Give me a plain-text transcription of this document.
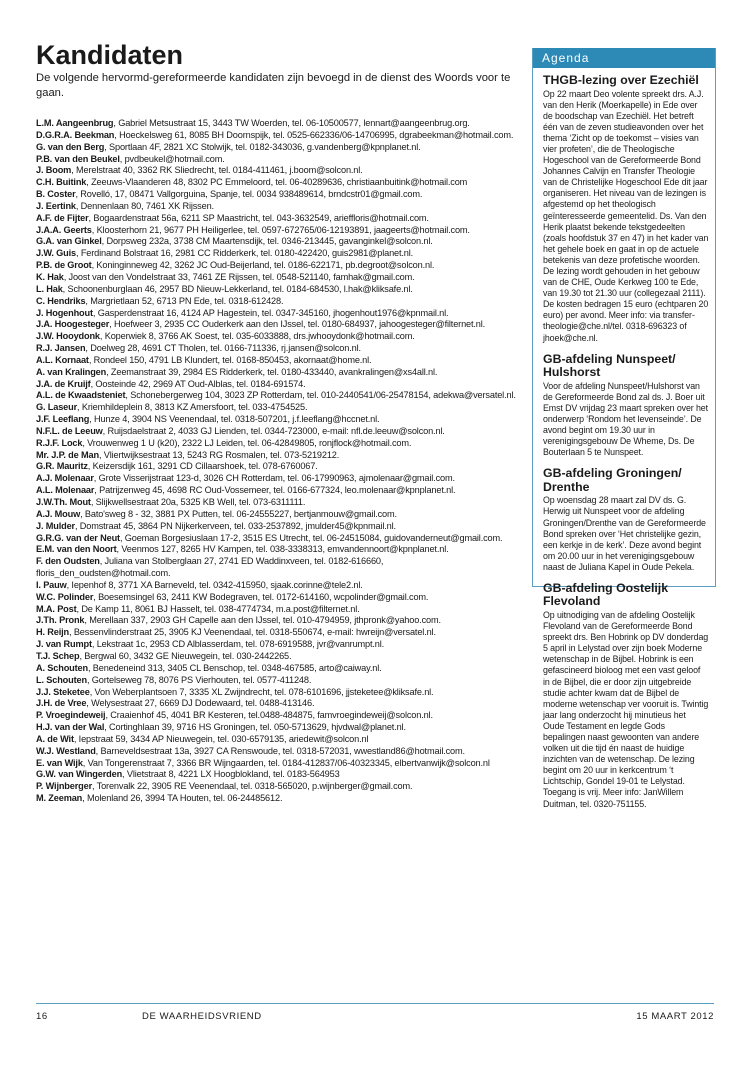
Kandidaten

De volgende hervormd-gereformeerde kandidaten zijn bevoegd in de dienst des Woords voor te gaan.

L.M. Aangeenbrug, Gabriel Metsustraat 15, 3443 TW Woerden, tel. 06-10500577, lennart@aangeenbrug.org.
D.G.R.A. Beekman, Hoeckelsweg 61, 8085 BH Doornspijk, tel. 0525-662336/06-14706995, dgrabeekman@hotmail.com.
G. van den Berg, Sportlaan 4F, 2821 XC Stolwijk, tel. 0182-343036, g.vandenberg@kpnplanet.nl.
P.B. van den Beukel, pvdbeukel@hotmail.com.
J. Boom, Merelstraat 40, 3362 RK Sliedrecht, tel. 0184-411461, j.boom@solcon.nl.
C.H. Buitink, Zeeuws-Vlaanderen 48, 8302 PC Emmeloord, tel. 06-40289636, christiaanbuitink@hotmail.com
B. Coster, Rovelló, 17, 08471 Vallgorguina, Spanje, tel. 0034 938489614, brndcstr01@gmail.com.
J. Eertink, Dennenlaan 80, 7461 XK Rijssen.
A.F. de Fijter, Bogaardenstraat 56a, 6211 SP Maastricht, tel. 043-3632549, arieffloris@hotmail.com.
J.A.A. Geerts, Kloosterhorn 21, 9677 PH Heiligerlee, tel. 0597-672765/06-12193891, jaageerts@hotmail.com.
G.A. van Ginkel, Dorpsweg 232a, 3738 CM Maartensdijk, tel. 0346-213445, gavanginkel@solcon.nl.
J.W. Guis, Ferdinand Bolstraat 16, 2981 CC Ridderkerk, tel. 0180-422420, guis2981@planet.nl.
P.B. de Groot, Koninginneweg 42, 3262 JC Oud-Beijerland, tel. 0186-622171, pb.degroot@solcon.nl.
K. Hak, Joost van den Vondelstraat 33, 7461 ZE Rijssen, tel. 0548-521140, famhak@gmail.com.
L. Hak, Schoonenburglaan 46, 2957 BD Nieuw-Lekkerland, tel. 0184-684530, l.hak@kliksafe.nl.
C. Hendriks, Margrietlaan 52, 6713 PN Ede, tel. 0318-612428.
J. Hogenhout, Gasperdenstraat 16, 4124 AP Hagestein, tel. 0347-345160, jhogenhout1976@kpnmail.nl.
J.A. Hoogesteger, Hoefweer 3, 2935 CC Ouderkerk aan den IJssel, tel. 0180-684937, jahoogesteger@filternet.nl.
J.W. Hooydonk, Koperwiek 8, 3766 AK Soest, tel. 035-6033888, drs.jwhooydonk@hotmail.com.
R.J. Jansen, Doelweg 28, 4691 CT Tholen, tel. 0166-711336, rj.jansen@solcon.nl.
A.L. Kornaat, Rondeel 150, 4791 LB Klundert, tel. 0168-850453, akornaat@home.nl.
A. van Kralingen, Zeemanstraat 39, 2984 ES Ridderkerk, tel. 0180-433440, avankralingen@xs4all.nl.
J.A. de Kruijf, Oosteinde 42, 2969 AT Oud-Alblas, tel. 0184-691574.
A.L. de Kwaadsteniet, Schonebergerweg 104, 3023 ZP Rotterdam, tel. 010-2440541/06-25478154, adekwa@versatel.nl.
G. Laseur, Kriemhildeplein 8, 3813 KZ Amersfoort, tel. 033-4754525.
J.F. Leeflang, Hunze 4, 3904 NS Veenendaal, tel. 0318-507201, j.f.leeflang@hccnet.nl.
N.F.L. de Leeuw, Ruijsdaelstraat 2, 4033 GJ Lienden, tel. 0344-723000, e-mail: nfl.de.leeuw@solcon.nl.
R.J.F. Lock, Vrouwenweg 1 U (k20), 2322 LJ Leiden, tel. 06-42849805, ronjflock@hotmail.com.
Mr. J.P. de Man, Vliertwijksestraat 13, 5243 RG Rosmalen, tel. 073-5219212.
G.R. Mauritz, Keizersdijk 161, 3291 CD Cillaarshoek, tel. 078-6760067.
A.J. Molenaar, Grote Visserijstraat 123-d, 3026 CH Rotterdam, tel. 06-17990963, ajmolenaar@gmail.com.
A.L. Molenaar, Patrijzenweg 45, 4698 RC Oud-Vossemeer, tel. 0166-677324, leo.molenaar@kpnplanet.nl.
J.W.Th. Mout, Slijkwellsestraat 20a, 5325 KB Well, tel. 073-6311111.
A.J. Mouw, Bato'sweg 8 - 32, 3881 PX Putten, tel. 06-24555227, bertjanmouw@gmail.com.
J. Mulder, Domstraat 45, 3864 PN Nijkerkerveen, tel. 033-2537892, jmulder45@kpnmail.nl.
G.R.G. van der Neut, Goeman Borgesiuslaan 17-2, 3515 ES Utrecht, tel. 06-24515084, guidovanderneut@gmail.com.
E.M. van den Noort, Veenmos 127, 8265 HV Kampen, tel. 038-3338313, emvandennoort@kpnplanet.nl.
F. den Oudsten, Juliana van Stolberglaan 27, 2741 ED Waddinxveen, tel. 0182-616660, floris_den_oudsten@hotmail.com.
I. Pauw, Iepenhof 8, 3771 XA Barneveld, tel. 0342-415950, sjaak.corinne@tele2.nl.
W.C. Polinder, Boesemsingel 63, 2411 KW Bodegraven, tel. 0172-614160, wcpolinder@gmail.com.
M.A. Post, De Kamp 11, 8061 BJ Hasselt, tel. 038-4774734, m.a.post@filternet.nl.
J.Th. Pronk, Merellaan 337, 2903 GH Capelle aan den IJssel, tel. 010-4794959, jthpronk@yahoo.com.
H. Reijn, Bessenvlinderstraat 25, 3905 KJ Veenendaal, tel. 0318-550674, e-mail: hwreijn@versatel.nl.
J. van Rumpt, Lekstraat 1c, 2953 CD Alblasserdam, tel. 078-6919588, jvr@vanrumpt.nl.
T.J. Schep, Bergwal 60, 3432 GE Nieuwegein, tel. 030-2442265.
A. Schouten, Benedeneind 313, 3405 CL Benschop, tel. 0348-467585, arto@caiway.nl.
L. Schouten, Gortelseweg 78, 8076 PS Vierhouten, tel. 0577-411248.
J.J. Steketee, Von Weberplantsoen 7, 3335 XL Zwijndrecht, tel. 078-6101696, jjsteketee@kliksafe.nl.
J.H. de Vree, Welysestraat 27, 6669 DJ Dodewaard, tel. 0488-413146.
P. Vroegindeweij, Craaienhof 45, 4041 BR Kesteren, tel.0488-484875, famvroegindeweij@solcon.nl.
H.J. van der Wal, Cortinghlaan 39, 9716 HS Groningen, tel. 050-5713629, hjvdwal@planet.nl.
A. de Wit, Iepstraat 59, 3434 AP Nieuwegein, tel. 030-6579135, ariedewit@solcon.nl
W.J. Westland, Barneveldsestraat 13a, 3927 CA Renswoude, tel. 0318-572031, wwestland86@hotmail.com.
E. van Wijk, Van Tongerenstraat 7, 3366 BR Wijngaarden, tel. 0184-412837/06-40323345, elbertvanwijk@solcon.nl
G.W. van Wingerden, Vlietstraat 8, 4221 LX Hoogblokland, tel. 0183-564953
P. Wijnberger, Torenvalk 22, 3905 RE Veenendaal, tel. 0318-565020, p.wijnberger@gmail.com.
M. Zeeman, Molenland 26, 3994 TA Houten, tel. 06-24485612.
Agenda
THGB-lezing over Ezechiël

Op 22 maart Deo volente spreekt drs. A.J. van den Herik (Moerkapelle) in Ede over de boodschap van Ezechiël. Het betreft één van de zeven studieavonden over het thema ‘Zicht op de toekomst – visies van vier profeten’, die de Theologische Hogeschool van de Gereformeerde Bond Johannes Calvijn en Transfer Theologie van de Christelijke Hogeschool Ede dit jaar organiseren. Het niveau van de lezingen is afgestemd op het theologisch geïnteresseerde gemeentelid. Ds. Van den Herik plaatst bekende tekstgedeelten (zoals hoofdstuk 37 en 47) in het kader van het gehele boek en gaat in op de actuele betekenis van deze profetische woorden. De lezing wordt gehouden in het gebouw van de CHE, Oude Kerkweg 100 te Ede, van 19.30 tot 21.30 uur (collegezaal 2111). De kosten bedragen 15 euro (echtparen 20 euro) per avond. Meer info: via transfer-theologie@che.nl/tel. 0318-696323 of jhoek@che.nl.

GB-afdeling Nunspeet/ Hulshorst

Voor de afdeling Nunspeet/Hulshorst van de Gereformeerde Bond zal ds. J. Boer uit Emst DV vrijdag 23 maart spreken over het onderwerp ‘Rondom het levenseinde’. De avond begint om 19.30 uur in verenigingsgebouw De Wheme, Ds. De Bouterlaan 5 te Nunspeet.

GB-afdeling Groningen/ Drenthe

Op woensdag 28 maart zal DV ds. G. Herwig uit Nunspeet voor de afdeling Groningen/Drenthe van de Gereformeerde Bond spreken over ‘Het christelijke gezin, een kerkje in de kerk’. Deze avond begint om 20.00 uur in het verenigingsgebouw naast de Juliana Kapel in Oude Pekela.

GB-afdeling Oostelijk Flevoland

Op uitnodiging van de afdeling Oostelijk Flevoland van de Gereformeerde Bond spreekt drs. Ben Hobrink op DV donderdag 5 april in Lelystad over zijn boek Moderne wetenschap in de Bijbel. Hobrink is een gefascineerd bioloog met een vast geloof in de Bijbel, die er door zijn uitgebreide studie achter kwam dat de Bijbel de moderne wetenschap ver vooruit is. Twintig jaar lang onderzocht hij minutieus het Oude Testament en legde Gods bepalingen naast gewoonten van andere volken uit die tijd én naast de huidige inzichten van de wetenschap. De lezing begint om 20 uur in kerkcentrum ‘t Lichtschip, Gondel 19-01 te Lelystad. Toegang is vrij. Meer info: JanWillem Duitman, tel. 0320-751155.

16	DE WAARHEIDSVRIEND	15 MAART 2012
